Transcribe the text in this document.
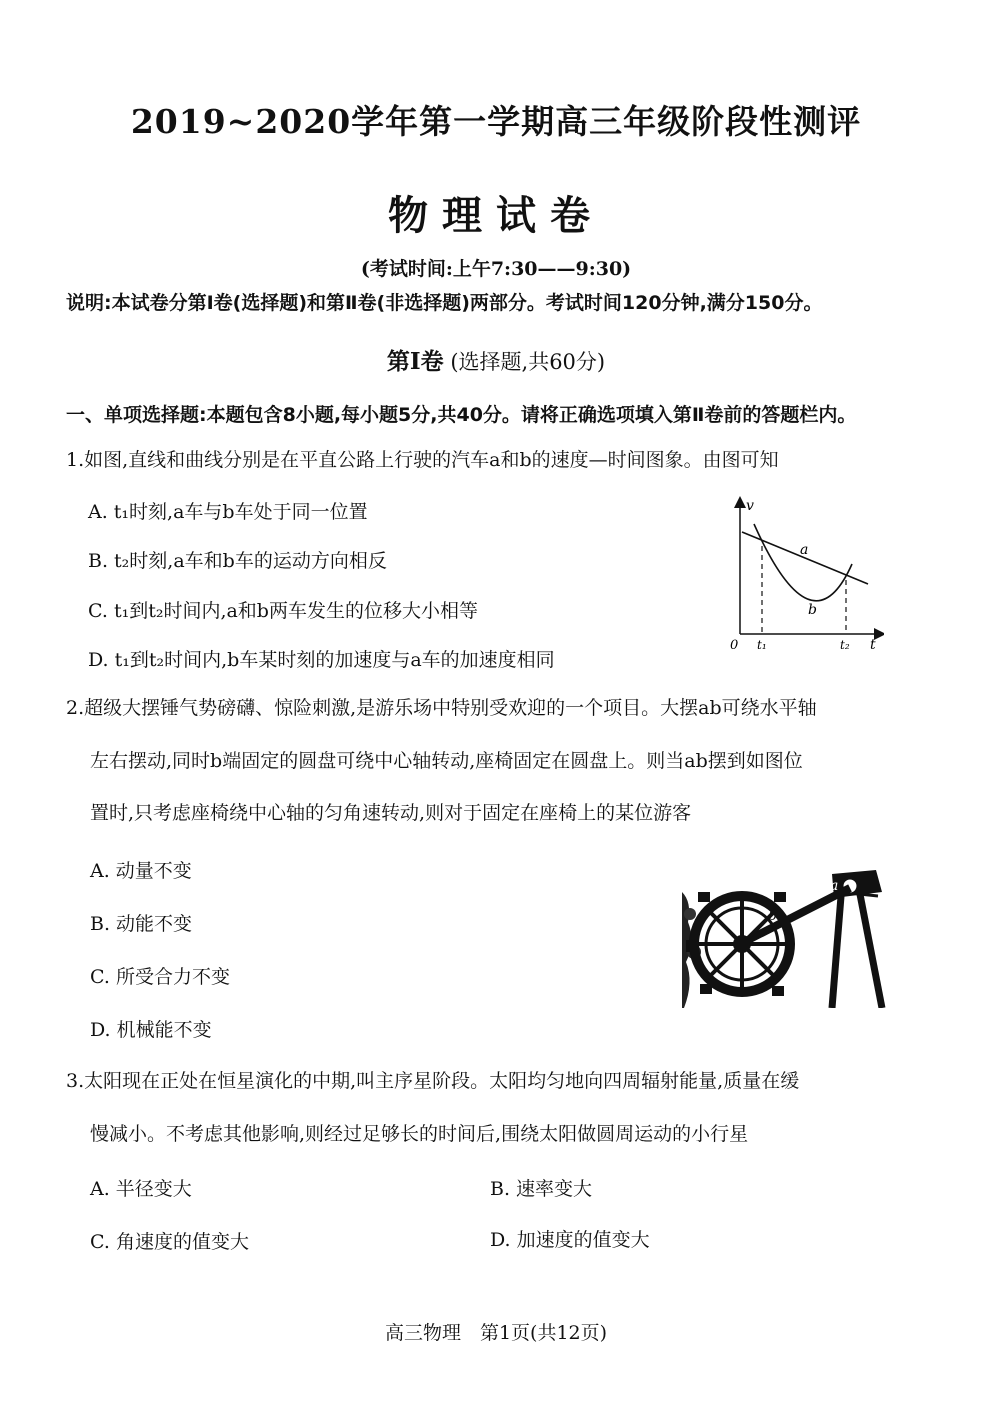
2019~2020学年第一学期高三年级阶段性测评
物理试卷
(考试时间:上午7:30——9:30)
说明:本试卷分第Ⅰ卷(选择题)和第Ⅱ卷(非选择题)两部分。考试时间120分钟,满分150分。
第Ⅰ卷 (选择题,共60分)
一、单项选择题:本题包含8小题,每小题5分,共40分。请将正确选项填入第Ⅱ卷前的答题栏内。
1.如图,直线和曲线分别是在平直公路上行驶的汽车a和b的速度—时间图象。由图可知
A. t₁时刻,a车与b车处于同一位置
B. t₂时刻,a车和b车的运动方向相反
C. t₁到t₂时间内,a和b两车发生的位移大小相等
D. t₁到t₂时间内,b车某时刻的加速度与a车的加速度相同
v
t
0 t₁	t₂
a
b
2.超级大摆锤气势磅礴、惊险刺激,是游乐场中特别受欢迎的一个项目。大摆ab可绕水平轴
左右摆动,同时b端固定的圆盘可绕中心轴转动,座椅固定在圆盘上。则当ab摆到如图位
置时,只考虑座椅绕中心轴的匀角速转动,则对于固定在座椅上的某位游客
A. 动量不变
B. 动能不变
C. 所受合力不变
D. 机械能不变
a
b
3.太阳现在正处在恒星演化的中期,叫主序星阶段。太阳均匀地向四周辐射能量,质量在缓
慢减小。不考虑其他影响,则经过足够长的时间后,围绕太阳做圆周运动的小行星
A. 半径变大	B. 速率变大
C. 角速度的值变大	D. 加速度的值变大
高三物理　第1页(共12页)
